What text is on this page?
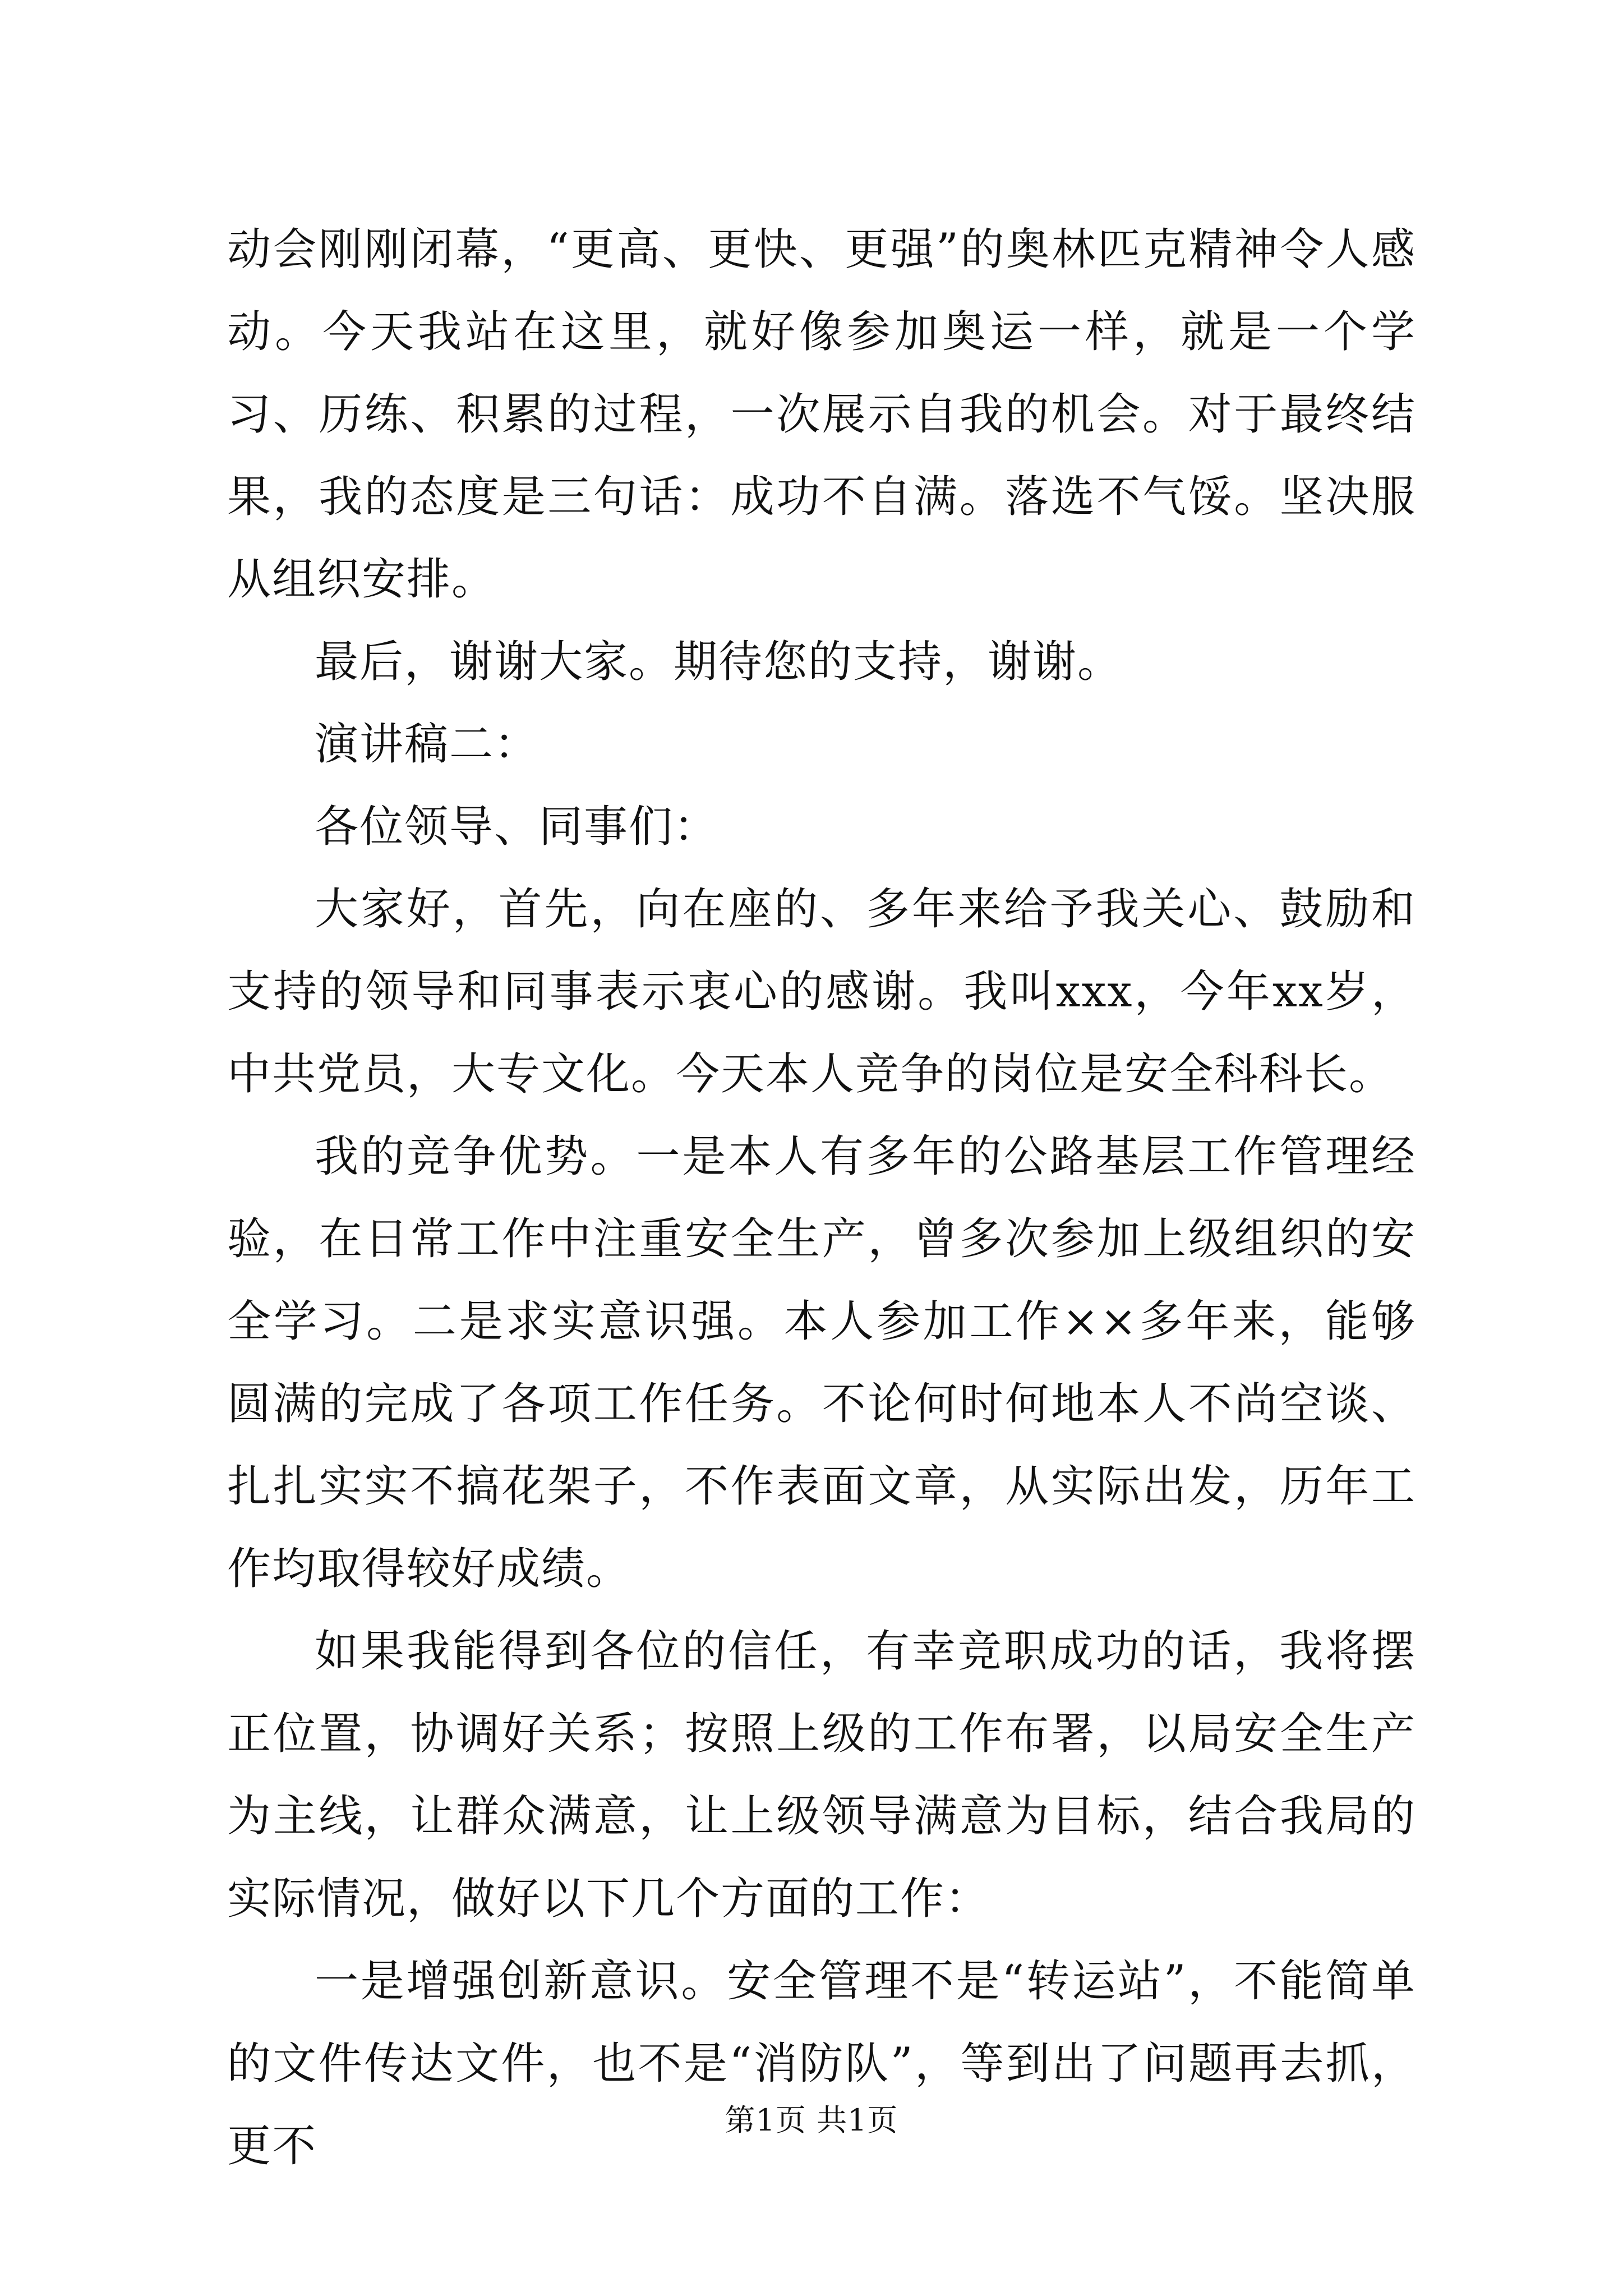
动会刚刚闭幕，“更高、更快、更强”的奥林匹克精神令人感动。今天我站在这里，就好像参加奥运一样，就是一个学习、历练、积累的过程，一次展示自我的机会。对于最终结果，我的态度是三句话：成功不自满。落选不气馁。坚决服从组织安排。

最后，谢谢大家。期待您的支持，谢谢。

演讲稿二：

各位领导、同事们：

大家好，首先，向在座的、多年来给予我关心、鼓励和支持的领导和同事表示衷心的感谢。我叫xxx，今年xx岁，中共党员，大专文化。今天本人竞争的岗位是安全科科长。

我的竞争优势。一是本人有多年的公路基层工作管理经验，在日常工作中注重安全生产，曾多次参加上级组织的安全学习。二是求实意识强。本人参加工作××多年来，能够圆满的完成了各项工作任务。不论何时何地本人不尚空谈、扎扎实实不搞花架子，不作表面文章，从实际出发，历年工作均取得较好成绩。

如果我能得到各位的信任，有幸竞职成功的话，我将摆正位置，协调好关系；按照上级的工作布署，以局安全生产为主线，让群众满意，让上级领导满意为目标，结合我局的实际情况，做好以下几个方面的工作：

一是增强创新意识。安全管理不是“转运站”，不能简单的文件传达文件，也不是“消防队”，等到出了问题再去抓，更不

第1页 共1页
